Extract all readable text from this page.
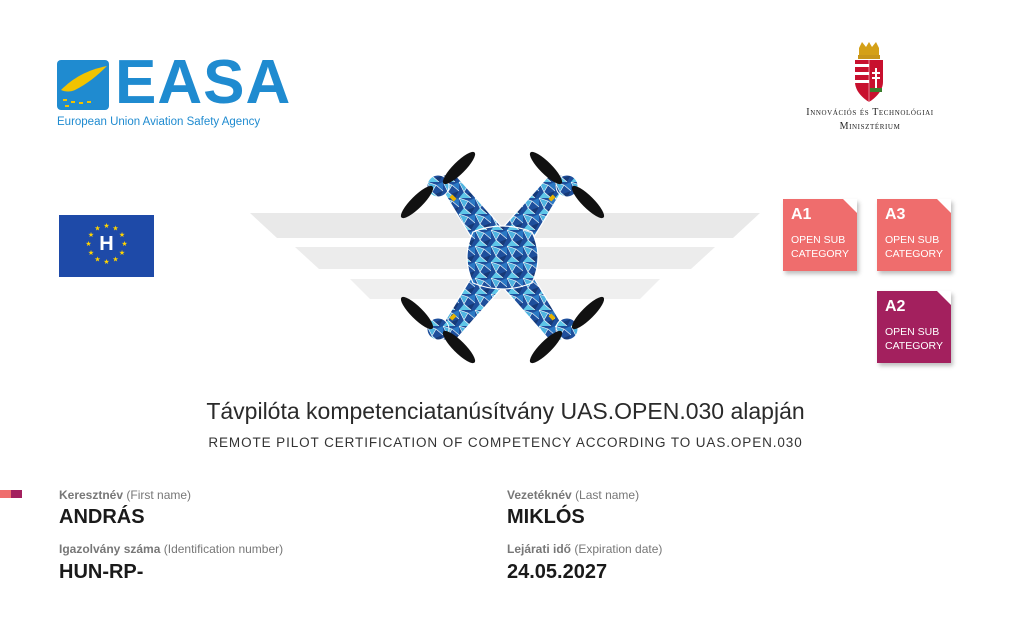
EASA
European Union Aviation Safety Agency
Innovációs és Technológiai
Minisztérium
★ ★
★
★
★
★
★
★
★
★
★
★
H
A1
OPEN SUB
CATEGORY
A3
OPEN SUB
CATEGORY
A2
OPEN SUB
CATEGORY
Távpilóta kompetenciatanúsítvány UAS.OPEN.030 alapján
REMOTE PILOT CERTIFICATION OF COMPETENCY ACCORDING TO UAS.OPEN.030
Keresztnév (First name)
ANDRÁS
Vezetéknév (Last name)
MIKLÓS
Igazolvány száma (Identification number)
HUN-RP-
Lejárati idő (Expiration date)
24.05.2027
